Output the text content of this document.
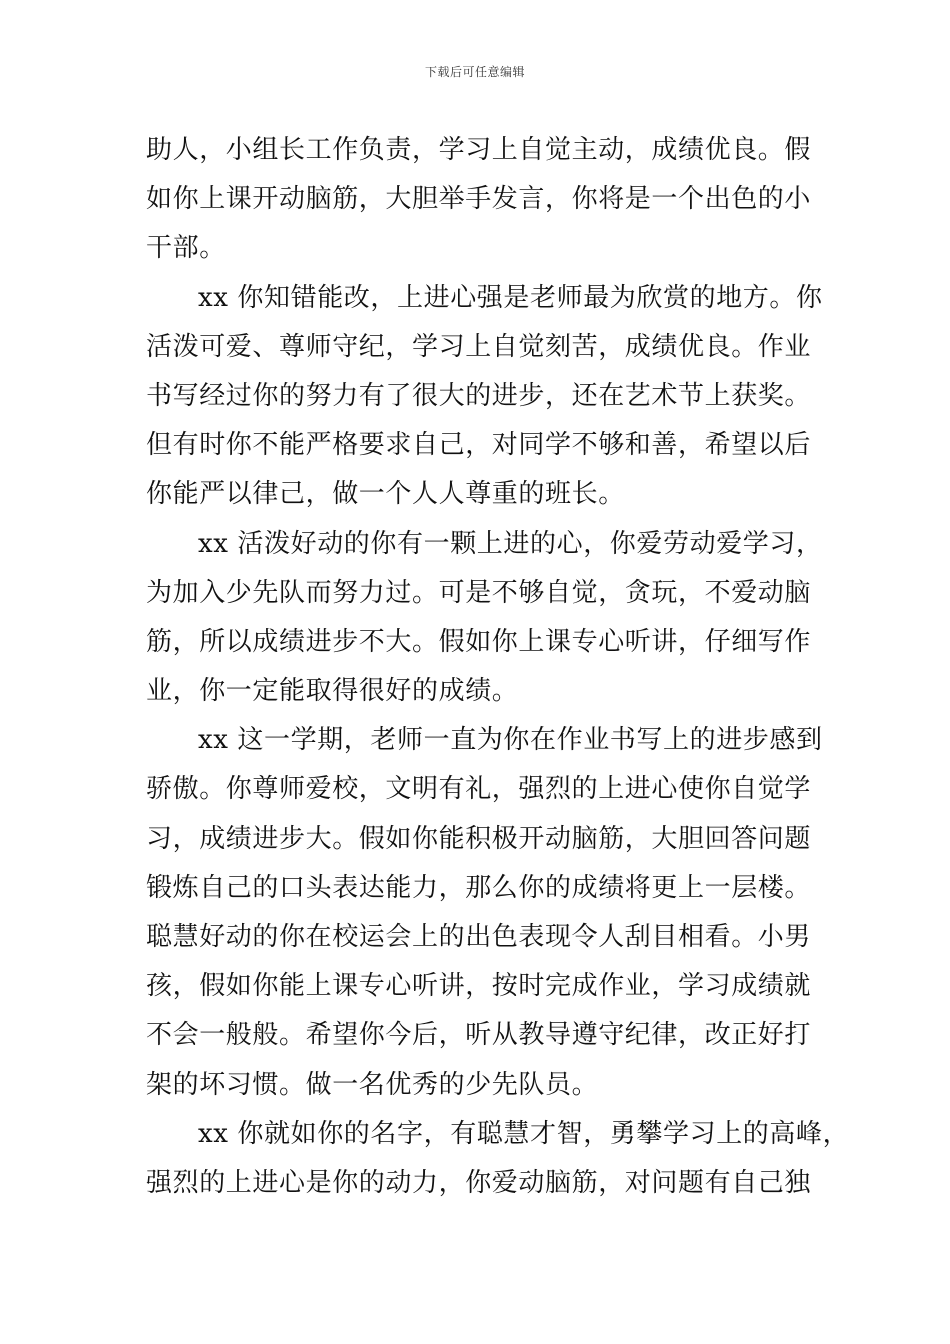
下载后可任意编辑
助人，小组长工作负责，学习上自觉主动，成绩优良。假
如你上课开动脑筋，大胆举手发言，你将是一个出色的小
干部。
xx 你知错能改，上进心强是老师最为欣赏的地方。你
活泼可爱、尊师守纪，学习上自觉刻苦，成绩优良。作业
书写经过你的努力有了很大的进步，还在艺术节上获奖。
但有时你不能严格要求自己，对同学不够和善，希望以后
你能严以律己，做一个人人尊重的班长。
xx 活泼好动的你有一颗上进的心，你爱劳动爱学习，
为加入少先队而努力过。可是不够自觉，贪玩，不爱动脑
筋，所以成绩进步不大。假如你上课专心听讲，仔细写作
业，你一定能取得很好的成绩。
xx 这一学期，老师一直为你在作业书写上的进步感到
骄傲。你尊师爱校，文明有礼，强烈的上进心使你自觉学
习，成绩进步大。假如你能积极开动脑筋，大胆回答问题
锻炼自己的口头表达能力，那么你的成绩将更上一层楼。
聪慧好动的你在校运会上的出色表现令人刮目相看。小男
孩，假如你能上课专心听讲，按时完成作业，学习成绩就
不会一般般。希望你今后，听从教导遵守纪律，改正好打
架的坏习惯。做一名优秀的少先队员。
xx 你就如你的名字，有聪慧才智，勇攀学习上的高峰，
强烈的上进心是你的动力，你爱动脑筋，对问题有自己独
